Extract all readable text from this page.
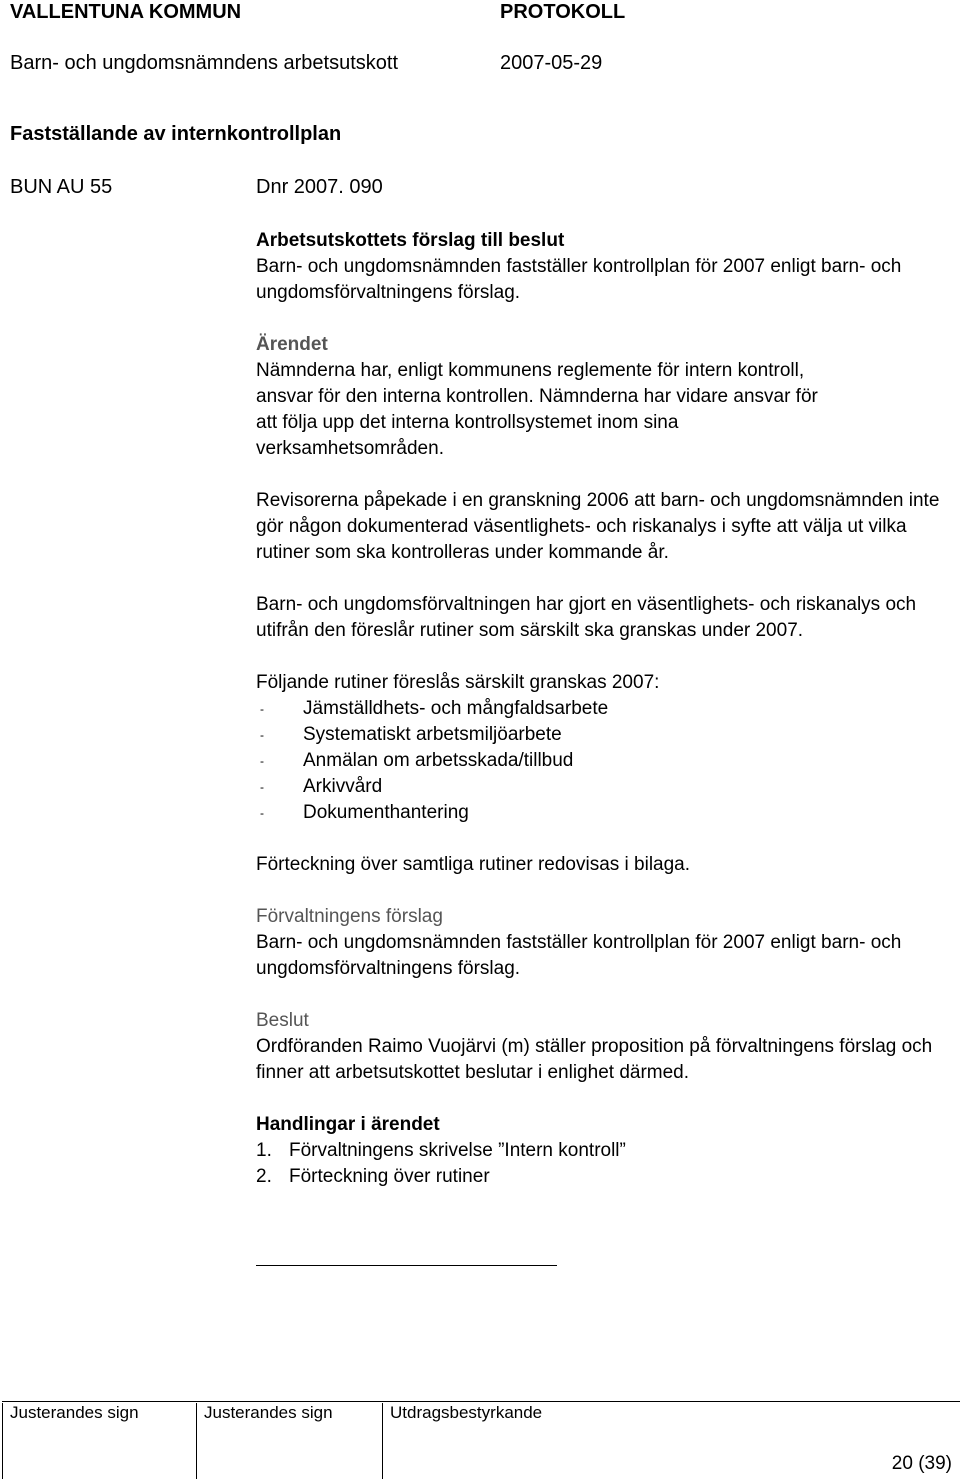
VALLENTUNA KOMMUN	PROTOKOLL
Barn- och ungdomsnämndens arbetsutskott	2007-05-29
Fastställande av internkontrollplan
BUN AU 55	Dnr 2007. 090

Arbetsutskottets förslag till beslut

Barn- och ungdomsnämnden fastställer kontrollplan för 2007 enligt barn- och ungdomsförvaltningens förslag.

Ärendet

Nämnderna har, enligt kommunens reglemente för intern kontroll,
ansvar för den interna kontrollen. Nämnderna har vidare ansvar för
att följa upp det interna kontrollsystemet inom sina
verksamhetsområden.

Revisorerna påpekade i en granskning 2006 att barn- och ungdomsnämnden inte gör någon dokumenterad väsentlighets- och riskanalys i syfte att välja ut vilka rutiner som ska kontrolleras under kommande år.

Barn- och ungdomsförvaltningen har gjort en väsentlighets- och riskanalys och utifrån den föreslår rutiner som särskilt ska granskas under 2007.

Följande rutiner föreslås särskilt granskas 2007:

- Jämställdhets- och mångfaldsarbete
- Systematiskt arbetsmiljöarbete
- Anmälan om arbetsskada/tillbud
- Arkivvård
- Dokumenthantering

Förteckning över samtliga rutiner redovisas i bilaga.

Förvaltningens förslag

Barn- och ungdomsnämnden fastställer kontrollplan för 2007 enligt barn- och ungdomsförvaltningens förslag.

Beslut

Ordföranden Raimo Vuojärvi (m) ställer proposition på förvaltningens förslag och finner att arbetsutskottet beslutar i enlighet därmed.

Handlingar i ärendet

1. Förvaltningens skrivelse ”Intern kontroll”
2. Förteckning över rutiner
Justerandes sign	Justerandes sign	Utdragsbestyrkande
20 (39)
